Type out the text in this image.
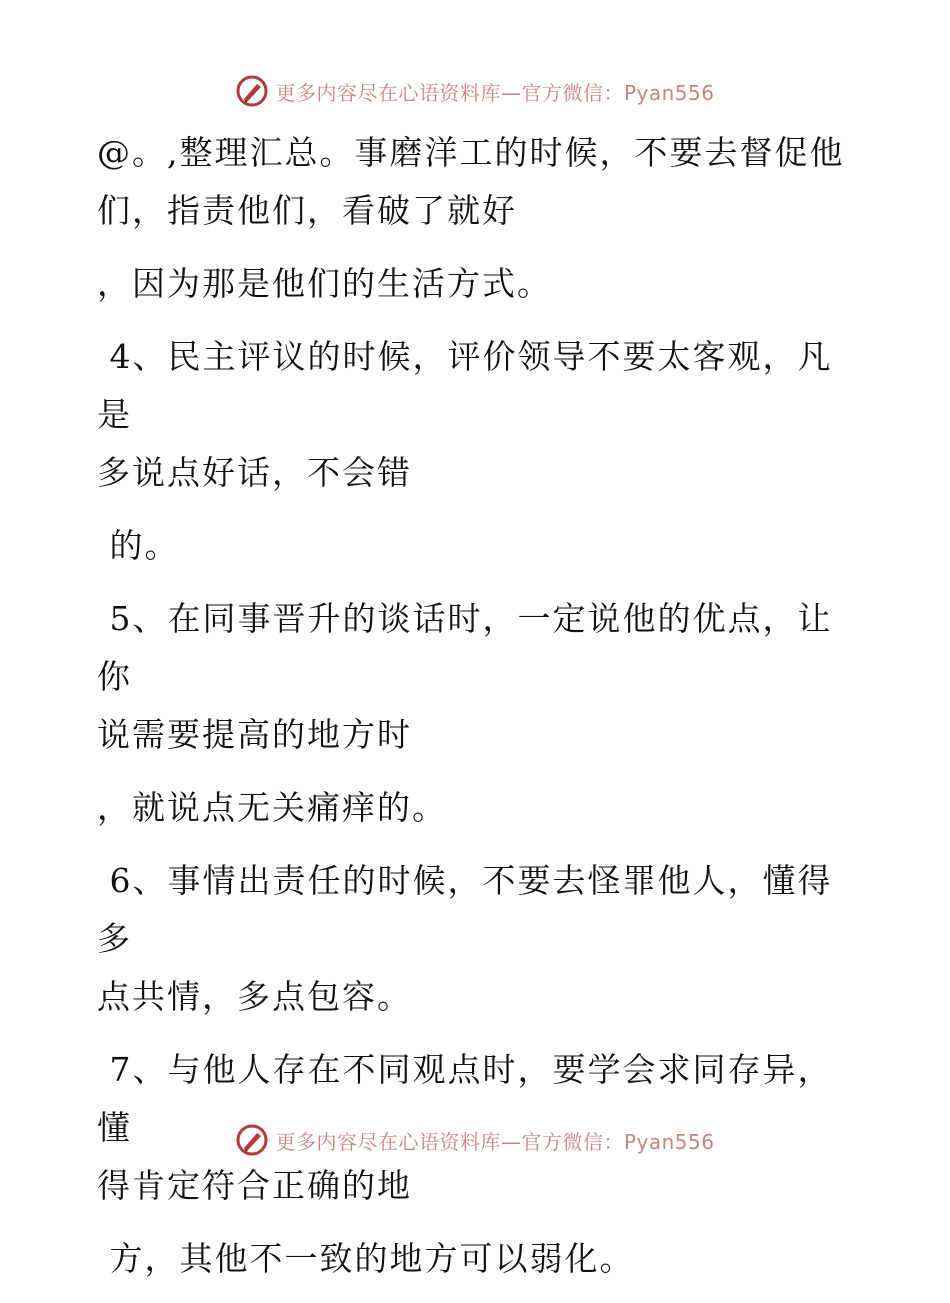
更多内容尽在心语资料库—官方微信：Pyan556

@。,整理汇总。事磨洋工的时候，不要去督促他
们，指责他们，看破了就好

，因为那是他们的生活方式。

4、民主评议的时候，评价领导不要太客观，凡是
多说点好话，不会错

的。

5、在同事晋升的谈话时，一定说他的优点，让你
说需要提高的地方时

，就说点无关痛痒的。

6、事情出责任的时候，不要去怪罪他人，懂得多
点共情，多点包容。

7、与他人存在不同观点时，要学会求同存异，懂
得肯定符合正确的地

方，其他不一致的地方可以弱化。

更多内容尽在心语资料库—官方微信：Pyan556
